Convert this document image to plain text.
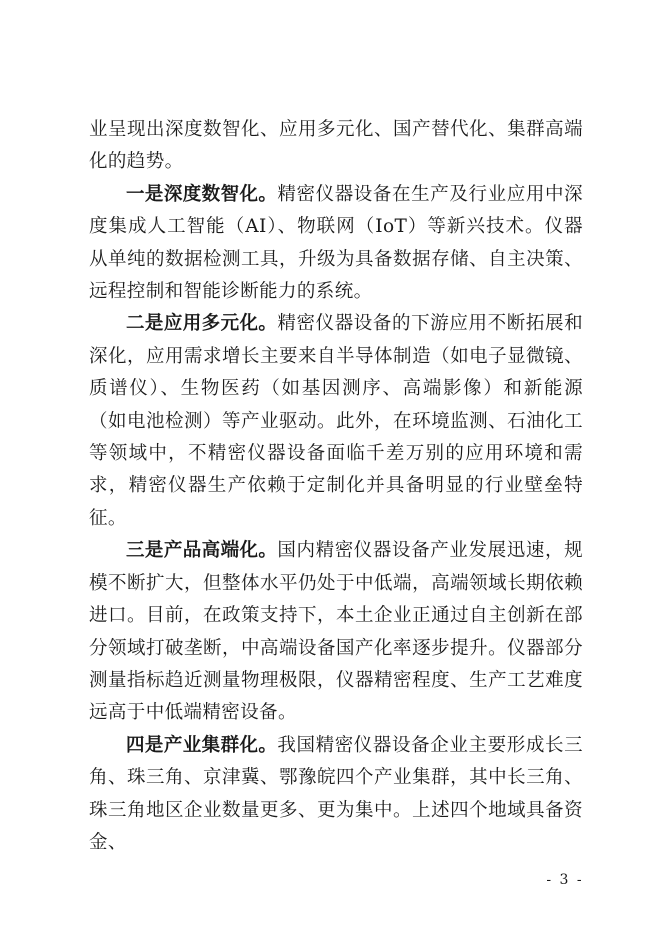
业呈现出深度数智化、应用多元化、国产替代化、集群高端化的趋势。

一是深度数智化。精密仪器设备在生产及行业应用中深度集成人工智能（AI）、物联网（IoT）等新兴技术。仪器从单纯的数据检测工具，升级为具备数据存储、自主决策、远程控制和智能诊断能力的系统。

二是应用多元化。精密仪器设备的下游应用不断拓展和深化，应用需求增长主要来自半导体制造（如电子显微镜、质谱仪）、生物医药（如基因测序、高端影像）和新能源（如电池检测）等产业驱动。此外，在环境监测、石油化工等领域中，不精密仪器设备面临千差万别的应用环境和需求，精密仪器生产依赖于定制化并具备明显的行业壁垒特征。

三是产品高端化。国内精密仪器设备产业发展迅速，规模不断扩大，但整体水平仍处于中低端，高端领域长期依赖进口。目前，在政策支持下，本土企业正通过自主创新在部分领域打破垄断，中高端设备国产化率逐步提升。仪器部分测量指标趋近测量物理极限，仪器精密程度、生产工艺难度远高于中低端精密设备。

四是产业集群化。我国精密仪器设备企业主要形成长三角、珠三角、京津冀、鄂豫皖四个产业集群，其中长三角、珠三角地区企业数量更多、更为集中。上述四个地域具备资金、

- 3 -
